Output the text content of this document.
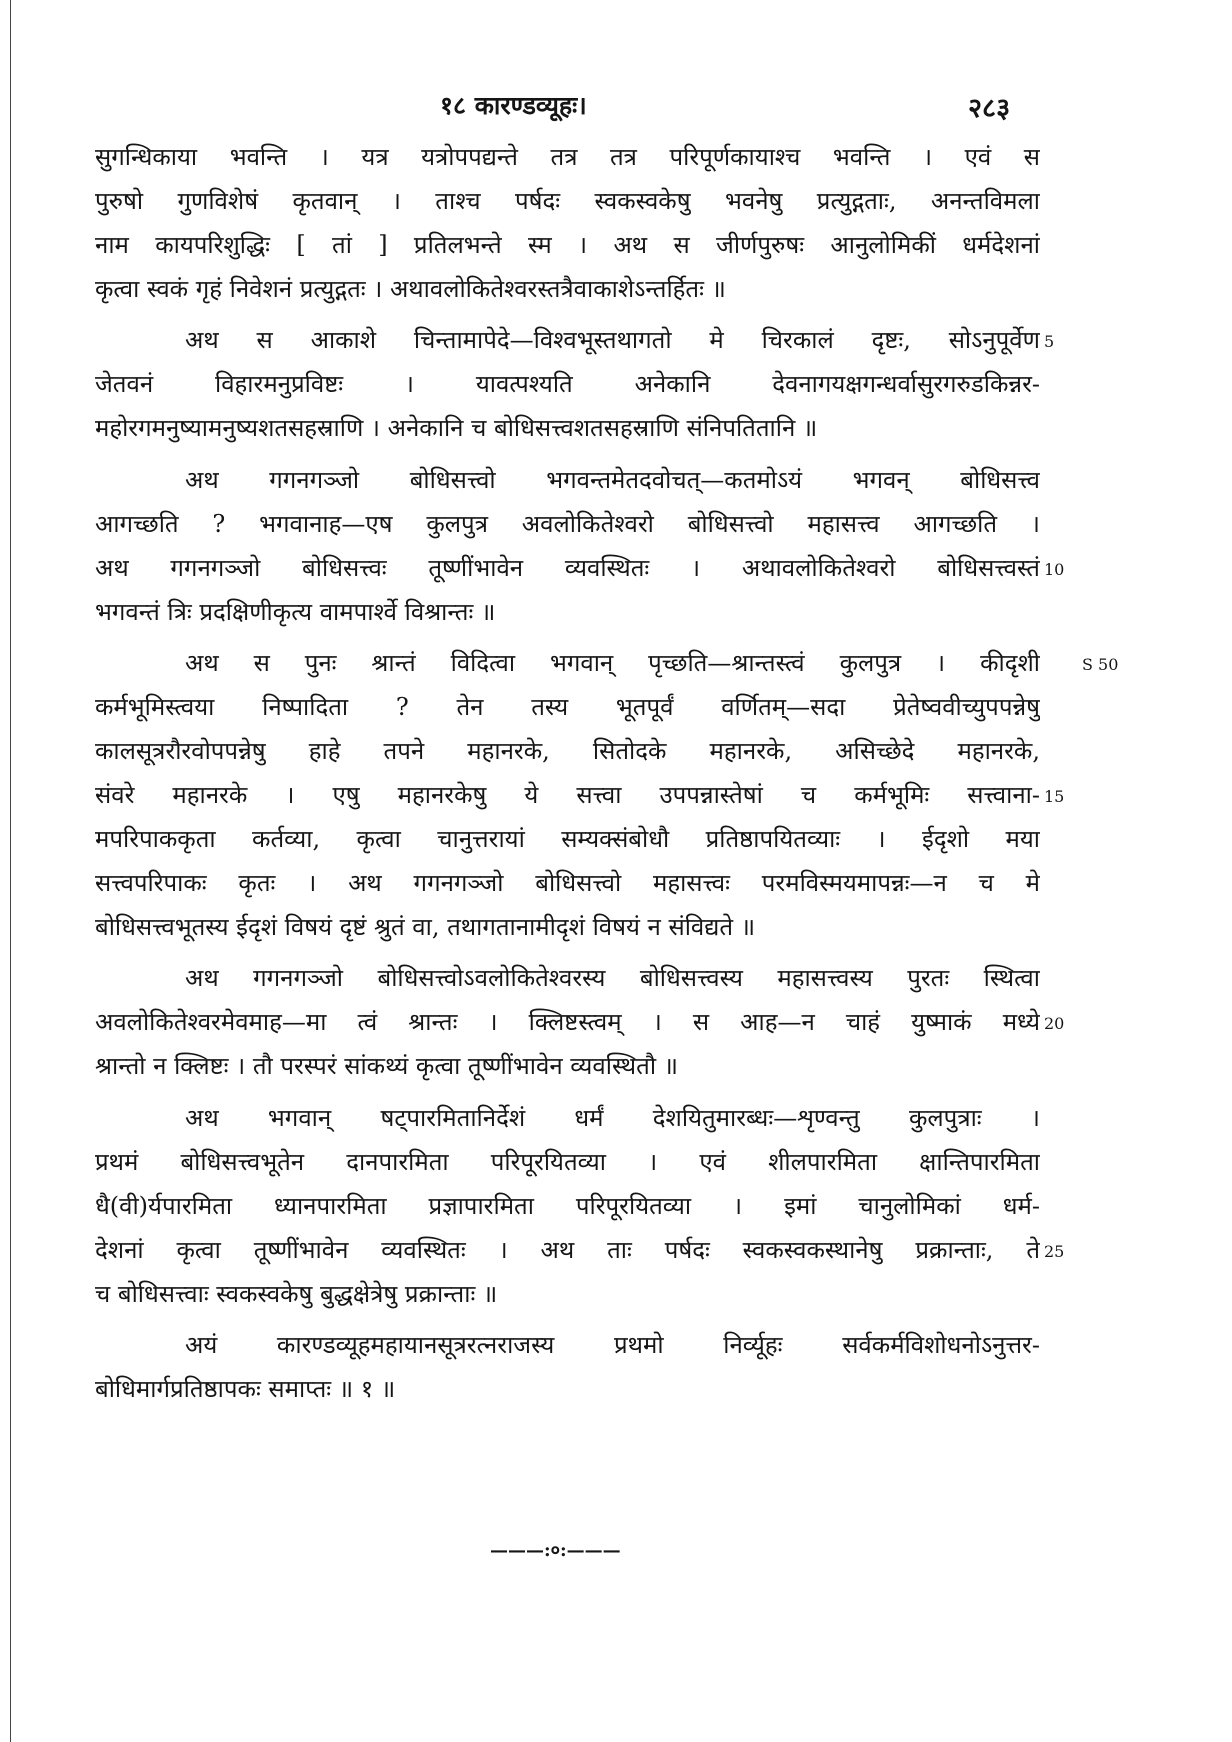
१८ कारण्डव्यूहः।	२८३
सुगन्धिकाया भवन्ति । यत्र यत्रोपपद्यन्ते तत्र तत्र परिपूर्णकायाश्च भवन्ति । एवं स
पुरुषो गुणविशेषं कृतवान् । ताश्च पर्षदः स्वकस्वकेषु भवनेषु प्रत्युद्गताः, अनन्तविमला
नाम कायपरिशुद्धिः [ तां ] प्रतिलभन्ते स्म । अथ स जीर्णपुरुषः आनुलोमिकीं धर्मदेशनां
कृत्वा स्वकं गृहं निवेशनं प्रत्युद्गतः । अथावलोकितेश्वरस्तत्रैवाकाशेऽन्तर्हितः ॥
अथ स आकाशे चिन्तामापेदे—विश्वभूस्तथागतो मे चिरकालं दृष्टः, सोऽनुपूर्वेण 5
जेतवनं विहारमनुप्रविष्टः । यावत्पश्यति अनेकानि देवनागयक्षगन्धर्वासुरगरुडकिन्नर-
महोरगमनुष्यामनुष्यशतसहस्राणि । अनेकानि च बोधिसत्त्वशतसहस्राणि संनिपतितानि ॥
अथ गगनगञ्जो बोधिसत्त्वो भगवन्तमेतदवोचत्—कतमोऽयं भगवन् बोधिसत्त्व
आगच्छति ? भगवानाह—एष कुलपुत्र अवलोकितेश्वरो बोधिसत्त्वो महासत्त्व आगच्छति ।
अथ गगनगञ्जो बोधिसत्त्वः तूष्णींभावेन व्यवस्थितः । अथावलोकितेश्वरो बोधिसत्त्वस्तं 10
भगवन्तं त्रिः प्रदक्षिणीकृत्य वामपार्श्वे विश्रान्तः ॥
अथ स पुनः श्रान्तं विदित्वा भगवान् पृच्छति—श्रान्तस्त्वं कुलपुत्र । कीदृशी	S 50
कर्मभूमिस्त्वया निष्पादिता ? तेन तस्य भूतपूर्वं वर्णितम्—सदा प्रेतेष्ववीच्युपपन्नेषु
कालसूत्ररौरवोपपन्नेषु हाहे तपने महानरके, सितोदके महानरके, असिच्छेदे महानरके,
संवरे महानरके । एषु महानरकेषु ये सत्त्वा उपपन्नास्तेषां च कर्मभूमिः सत्त्वाना- 15
मपरिपाककृता कर्तव्या, कृत्वा चानुत्तरायां सम्यक्संबोधौ प्रतिष्ठापयितव्याः । ईदृशो मया
सत्त्वपरिपाकः कृतः । अथ गगनगञ्जो बोधिसत्त्वो महासत्त्वः परमविस्मयमापन्नः—न च मे
बोधिसत्त्वभूतस्य ईदृशं विषयं दृष्टं श्रुतं वा, तथागतानामीदृशं विषयं न संविद्यते ॥
अथ गगनगञ्जो बोधिसत्त्वोऽवलोकितेश्वरस्य बोधिसत्त्वस्य महासत्त्वस्य पुरतः स्थित्वा
अवलोकितेश्वरमेवमाह—मा त्वं श्रान्तः । क्लिष्टस्त्वम् । स आह—न चाहं युष्माकं मध्ये 20
श्रान्तो न क्लिष्टः । तौ परस्परं सांकथ्यं कृत्वा तूष्णींभावेन व्यवस्थितौ ॥
अथ भगवान् षट्पारमितानिर्देशं धर्मं देशयितुमारब्धः—शृण्वन्तु कुलपुत्राः ।
प्रथमं बोधिसत्त्वभूतेन दानपारमिता परिपूरयितव्या । एवं शीलपारमिता क्षान्तिपारमिता
धै(वी)र्यपारमिता ध्यानपारमिता प्रज्ञापारमिता परिपूरयितव्या । इमां चानुलोमिकां धर्म-
देशनां कृत्वा तूष्णींभावेन व्यवस्थितः । अथ ताः पर्षदः स्वकस्वकस्थानेषु प्रक्रान्ताः, ते 25
च बोधिसत्त्वाः स्वकस्वकेषु बुद्धक्षेत्रेषु प्रक्रान्ताः ॥
अयं कारण्डव्यूहमहायानसूत्ररत्नराजस्य प्रथमो निर्व्यूहः सर्वकर्मविशोधनोऽनुत्तर-
बोधिमार्गप्रतिष्ठापकः समाप्तः ॥ १ ॥
———:०:———
